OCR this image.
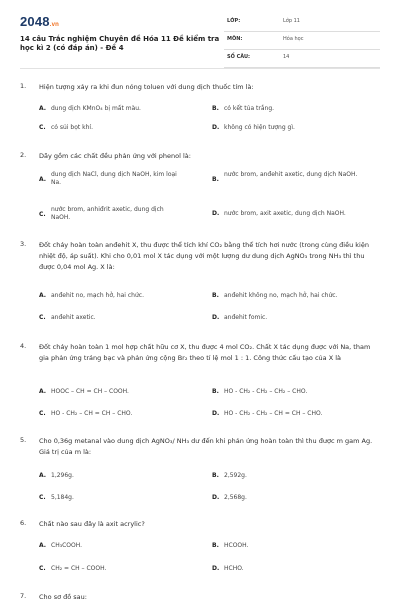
2048.vn
14 câu Trắc nghiệm Chuyên đề Hóa 11 Đề kiểm tra học kì 2 (có đáp án) - Đề 4
LỚP:	Lớp 11
MÔN:	Hóa học
SỐ CÂU:	14
1. Hiện tượng xảy ra khi đun nóng toluen với dung dịch thuốc tím là:
A. dung dịch KMnO₄ bị mất màu.	B. có kết tủa trắng.
C. có sủi bọt khí.	D. không có hiện tượng gì.
2. Dãy gồm các chất đều phản ứng với phenol là:
A.
dung dịch NaCl, dung dịch NaOH, kim loại Na.	B.
nước brom, anđehit axetic, dung dịch NaOH.
C.
nước brom, anhiđrit axetic, dung dịch NaOH.
D. nước brom, axit axetic, dung dịch NaOH.
3. Đốt cháy hoàn toàn anđehit X, thu được thể tích khí CO₂ bằng thể tích hơi nước (trong cùng điều kiện nhiệt độ, áp suất). Khi cho 0,01 mol X tác dụng với một lượng dư dung dịch AgNO₃ trong NH₃ thì thu được 0,04 mol Ag. X là:
A. anđehit no, mạch hở, hai chức.	B. anđehit không no, mạch hở, hai chức.
C. anđehit axetic.	D. anđehit fomic.
4. Đốt cháy hoàn toàn 1 mol hợp chất hữu cơ X, thu được 4 mol CO₂. Chất X tác dụng được với Na, tham gia phản ứng tráng bạc và phản ứng cộng Br₂ theo tỉ lệ mol 1 : 1. Công thức cấu tạo của X là
A. HOOC – CH = CH – COOH.	B. HO - CH₂ - CH₂ – CH₂ – CHO.
C. HO - CH₂ – CH = CH – CHO.	D. HO - CH₂ - CH₂ – CH = CH – CHO.
5. Cho 0,36g metanal vào dung dịch AgNO₃/ NH₃ dư đến khi phản ứng hoàn toàn thì thu được m gam Ag. Giá trị của m là:
A. 1,296g.	B. 2,592g.
C. 5,184g.	D. 2,568g.
6. Chất nào sau đây là axit acrylic?
A. CH₃COOH.	B. HCOOH.
C. CH₂ = CH – COOH.	D. HCHO.
7. Cho sơ đồ sau:
